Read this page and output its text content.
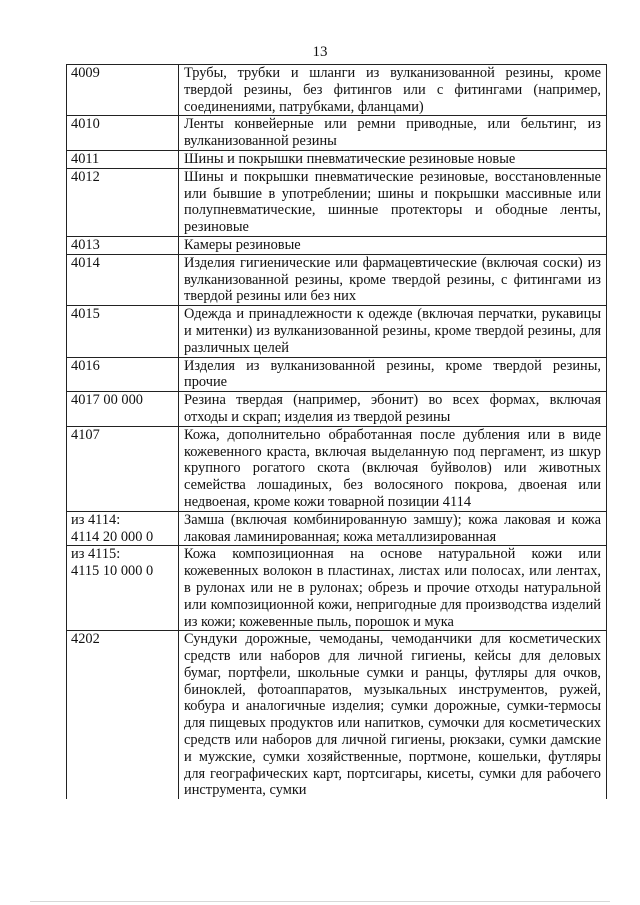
13
4009	Трубы, трубки и шланги из вулканизованной резины, кроме твердой резины, без фитингов или с фитингами (например, соединениями, патрубками, фланцами)
4010	Ленты конвейерные или ремни приводные, или бельтинг, из вулканизованной резины
4011	Шины и покрышки пневматические резиновые новые
4012	Шины и покрышки пневматические резиновые, восстановленные или бывшие в употреблении; шины и покрышки массивные или полупневматические, шинные протекторы и ободные ленты, резиновые
4013	Камеры резиновые
4014	Изделия гигиенические или фармацевтические (включая соски) из вулканизованной резины, кроме твердой резины, с фитингами из твердой резины или без них
4015	Одежда и принадлежности к одежде (включая перчатки, рукавицы и митенки) из вулканизованной резины, кроме твердой резины, для различных целей
4016	Изделия из вулканизованной резины, кроме твердой резины, прочие
4017 00 000	Резина твердая (например, эбонит) во всех формах, включая отходы и скрап; изделия из твердой резины
4107	Кожа, дополнительно обработанная после дубления или в виде кожевенного краста, включая выделанную под пергамент, из шкур крупного рогатого скота (включая буйволов) или животных семейства лошадиных, без волосяного покрова, двоеная или недвоеная, кроме кожи товарной позиции 4114
из 4114:
4114 20 000 0	Замша (включая комбинированную замшу); кожа лаковая и кожа лаковая ламинированная; кожа металлизированная
из 4115:
4115 10 000 0	Кожа композиционная на основе натуральной кожи или кожевенных волокон в пластинах, листах или полосах, или лентах, в рулонах или не в рулонах; обрезь и прочие отходы натуральной или композиционной кожи, непригодные для производства изделий из кожи; кожевенные пыль, порошок и мука
4202	Сундуки дорожные, чемоданы, чемоданчики для косметических средств или наборов для личной гигиены, кейсы для деловых бумаг, портфели, школьные сумки и ранцы, футляры для очков, биноклей, фотоаппаратов, музыкальных инструментов, ружей, кобура и аналогичные изделия; сумки дорожные, сумки-термосы для пищевых продуктов или напитков, сумочки для косметических средств или наборов для личной гигиены, рюкзаки, сумки дамские и мужские, сумки хозяйственные, портмоне, кошельки, футляры для географических карт, портсигары, кисеты, сумки для рабочего инструмента, сумки
